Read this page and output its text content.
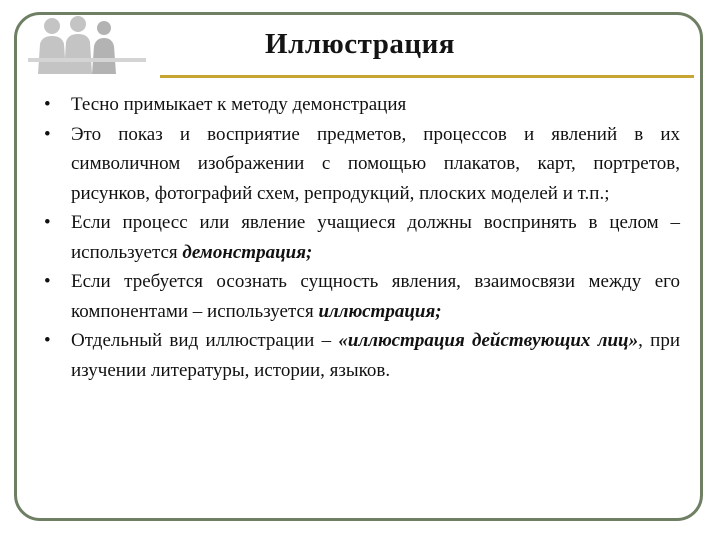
Иллюстрация
• Тесно примыкает к методу демонстрация
• Это показ и восприятие предметов, процессов и явлений в их символичном изображении с помощью плакатов, карт, портретов, рисунков, фотографий схем, репродукций, плоских моделей и т.п.;
• Если процесс или явление учащиеся должны воспринять в целом – используется демонстрация;
• Если требуется осознать сущность явления, взаимосвязи между его компонентами – используется иллюстрация;
• Отдельный вид иллюстрации – «иллюстрация действующих лиц», при изучении литературы, истории, языков.
